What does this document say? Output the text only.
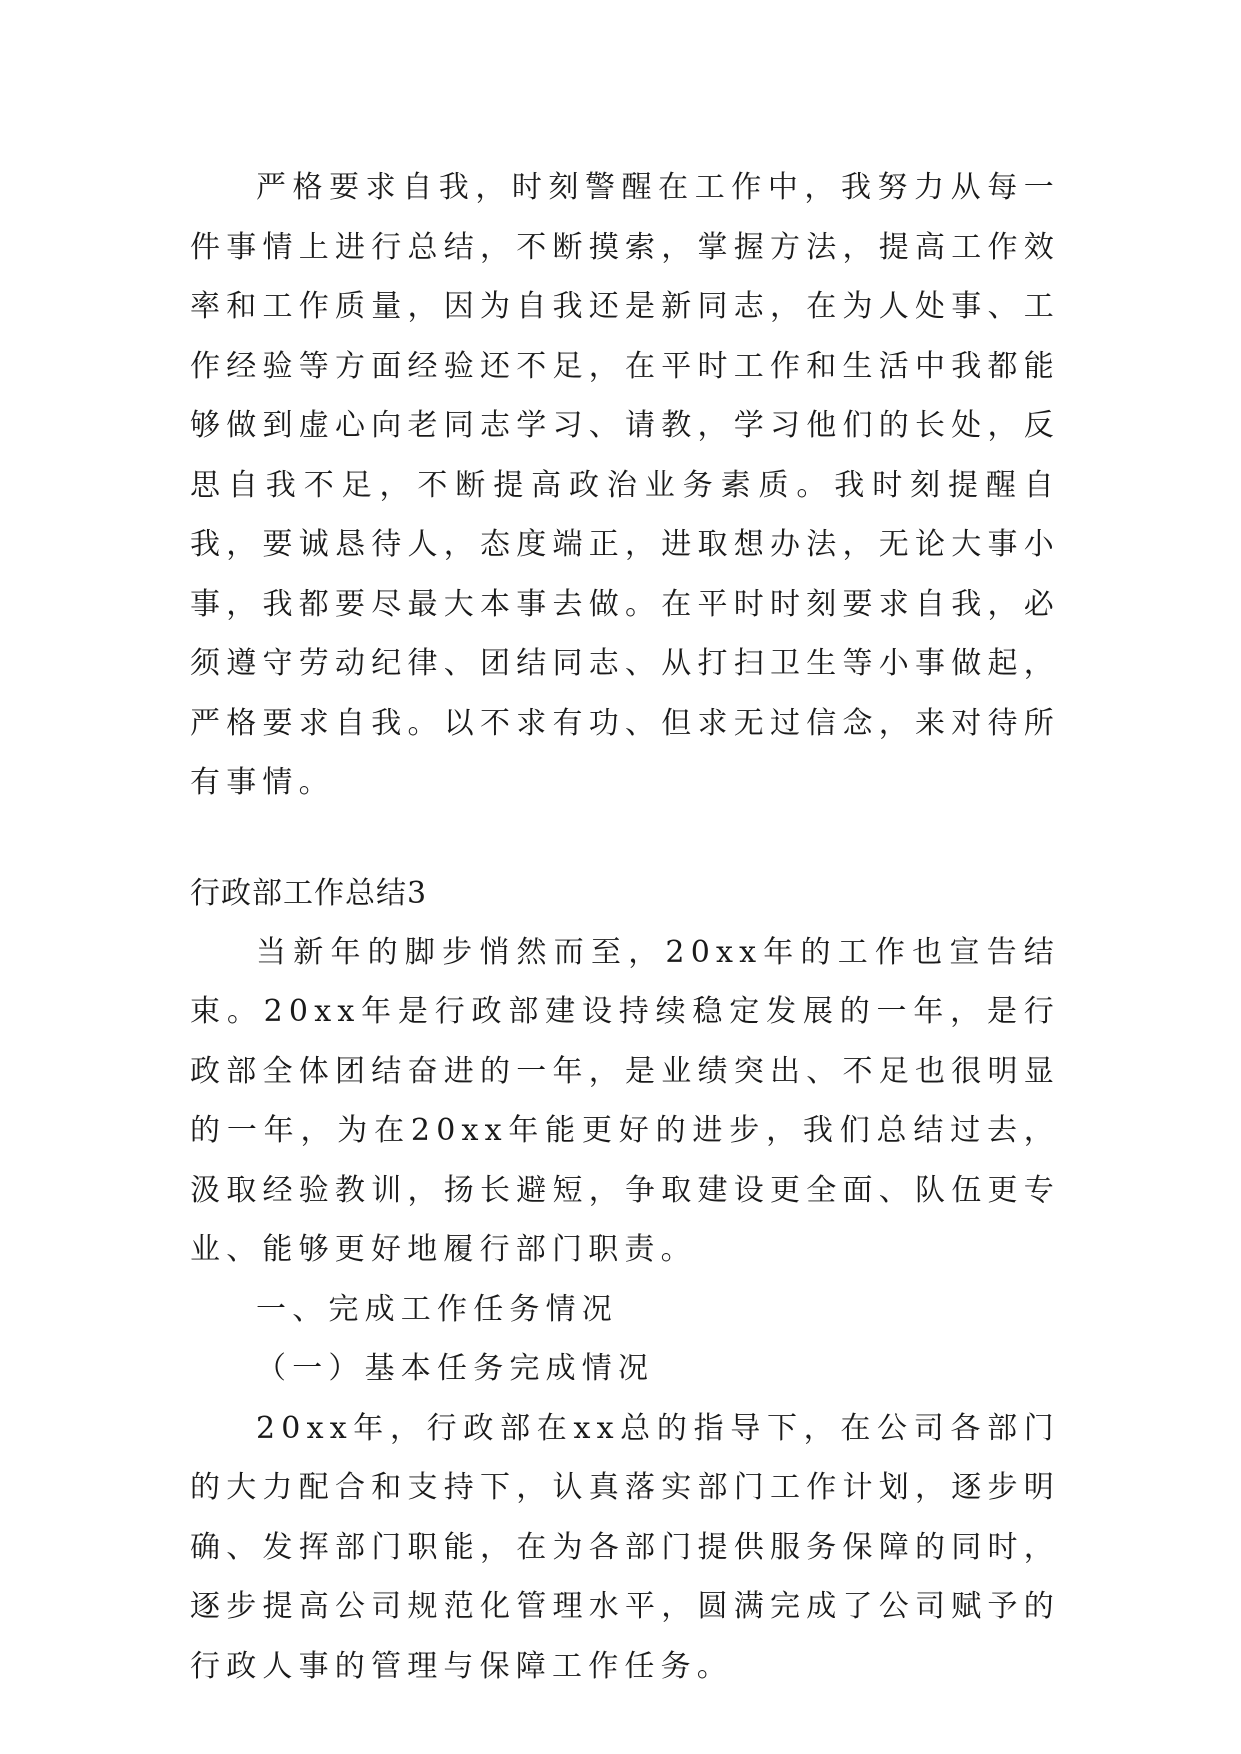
严格要求自我，时刻警醒在工作中，我努力从每一件事情上进行总结，不断摸索，掌握方法，提高工作效率和工作质量，因为自我还是新同志，在为人处事、工作经验等方面经验还不足，在平时工作和生活中我都能够做到虚心向老同志学习、请教，学习他们的长处，反思自我不足，不断提高政治业务素质。我时刻提醒自我，要诚恳待人，态度端正，进取想办法，无论大事小事，我都要尽最大本事去做。在平时时刻要求自我，必须遵守劳动纪律、团结同志、从打扫卫生等小事做起，严格要求自我。以不求有功、但求无过信念，来对待所有事情。

行政部工作总结3

当新年的脚步悄然而至，20xx年的工作也宣告结束。20xx年是行政部建设持续稳定发展的一年，是行政部全体团结奋进的一年，是业绩突出、不足也很明显的一年，为在20xx年能更好的进步，我们总结过去，汲取经验教训，扬长避短，争取建设更全面、队伍更专业、能够更好地履行部门职责。

一、完成工作任务情况

（一）基本任务完成情况

20xx年，行政部在xx总的指导下，在公司各部门的大力配合和支持下，认真落实部门工作计划，逐步明确、发挥部门职能，在为各部门提供服务保障的同时，逐步提高公司规范化管理水平，圆满完成了公司赋予的行政人事的管理与保障工作任务。
